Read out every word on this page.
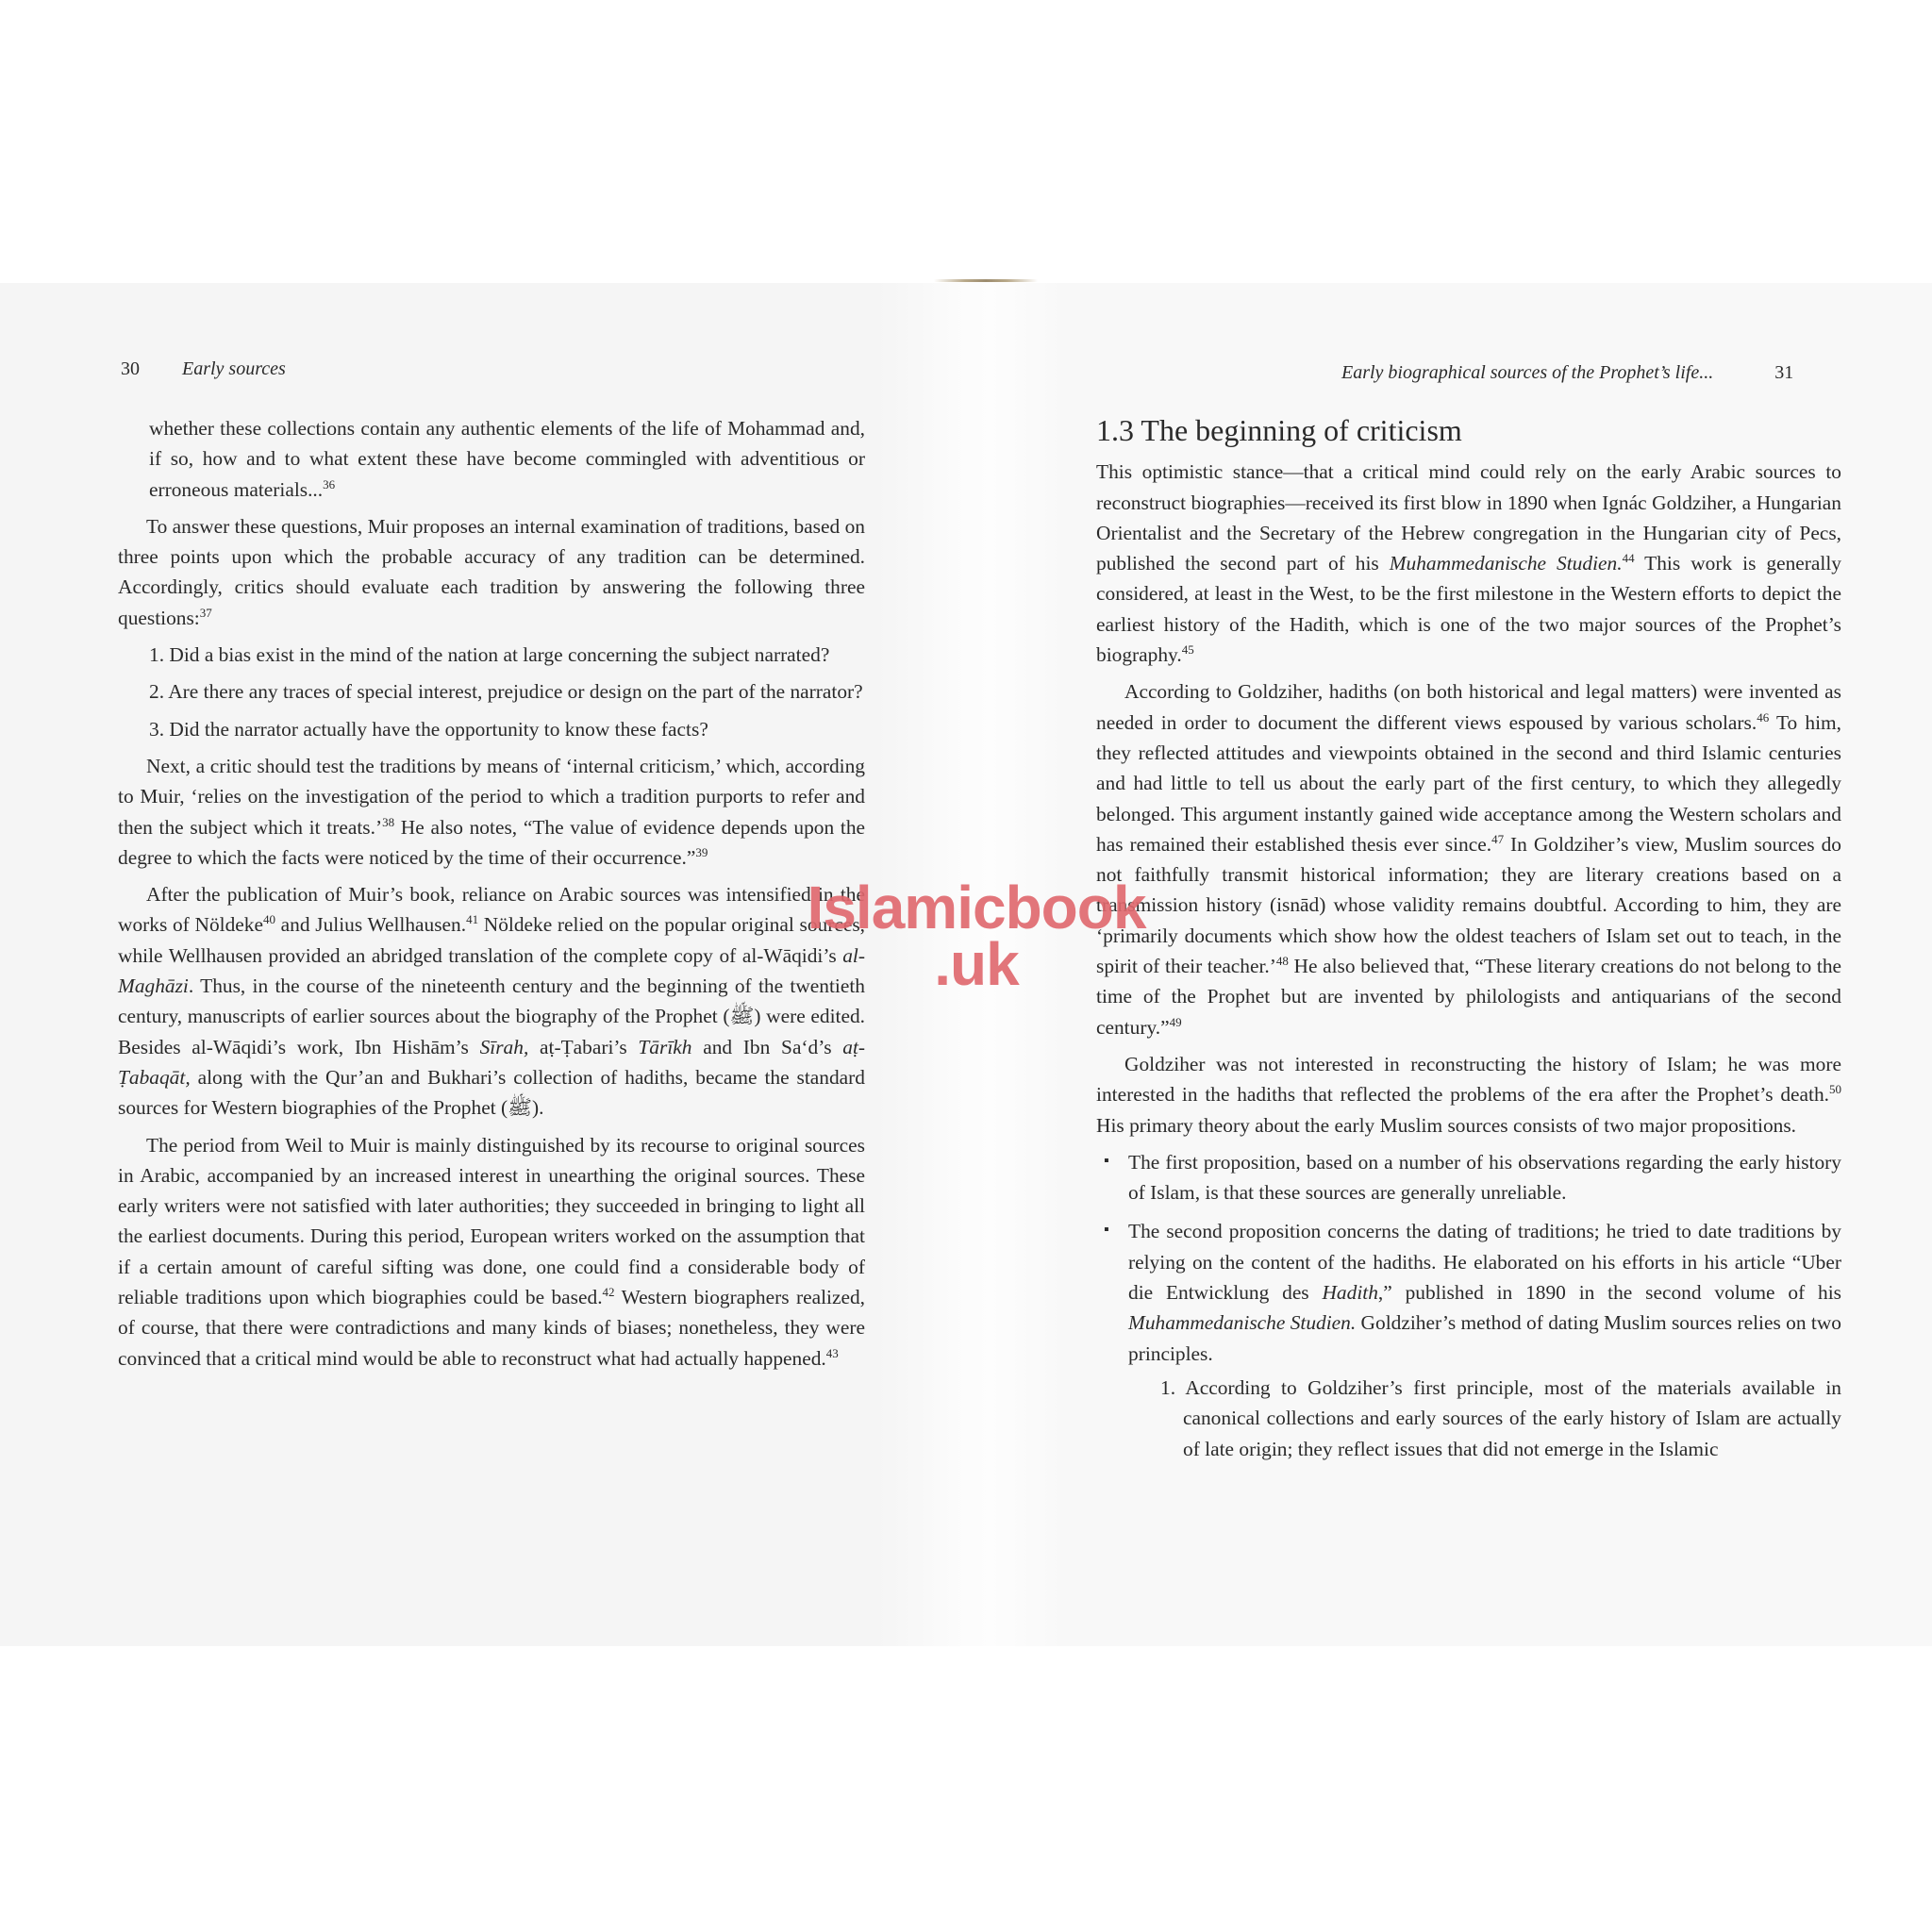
30 Early sources
whether these collections contain any authentic elements of the life of Mohammad and, if so, how and to what extent these have become commingled with adventitious or erroneous materials...$^{36}$

To answer these questions, Muir proposes an internal examination of traditions, based on three points upon which the probable accuracy of any tradition can be determined. Accordingly, critics should evaluate each tradition by answering the following three questions:$^{37}$

1. Did a bias exist in the mind of the nation at large concerning the subject narrated?
2. Are there any traces of special interest, prejudice or design on the part of the narrator?
3. Did the narrator actually have the opportunity to know these facts?

Next, a critic should test the traditions by means of ‘internal criticism,’ which, according to Muir, ‘relies on the investigation of the period to which a tradition purports to refer and then the subject which it treats.’$^{38}$ He also notes, “The value of evidence depends upon the degree to which the facts were noticed by the time of their occurrence.”$^{39}$

After the publication of Muir’s book, reliance on Arabic sources was intensified in the works of Nöldeke$^{40}$ and Julius Wellhausen.$^{41}$ Nöldeke relied on the popular original sources, while Wellhausen provided an abridged translation of the complete copy of al-Wāqidi’s al-Maghāzi. Thus, in the course of the nineteenth century and the beginning of the twentieth century, manuscripts of earlier sources about the biography of the Prophet (ﷺ) were edited. Besides al-Wāqidi’s work, Ibn Hishām’s Sīrah, aṭ-Ṭabari’s Tārīkh and Ibn Sa‘d’s aṭ-Ṭabaqāt, along with the Qur’an and Bukhari’s collection of hadiths, became the standard sources for Western biographies of the Prophet (ﷺ).

The period from Weil to Muir is mainly distinguished by its recourse to original sources in Arabic, accompanied by an increased interest in unearthing the original sources. These early writers were not satisfied with later authorities; they succeeded in bringing to light all the earliest documents. During this period, European writers worked on the assumption that if a certain amount of careful sifting was done, one could find a considerable body of reliable traditions upon which biographies could be based.$^{42}$ Western biographers realized, of course, that there were contradictions and many kinds of biases; nonetheless, they were convinced that a critical mind would be able to reconstruct what had actually happened.$^{43}$

Early biographical sources of the Prophet’s life...	31
1.3 The beginning of criticism

This optimistic stance—that a critical mind could rely on the early Arabic sources to reconstruct biographies—received its first blow in 1890 when Ignác Goldziher, a Hungarian Orientalist and the Secretary of the Hebrew congregation in the Hungarian city of Pecs, published the second part of his Muhammedanische Studien.$^{44}$ This work is generally considered, at least in the West, to be the first milestone in the Western efforts to depict the earliest history of the Hadith, which is one of the two major sources of the Prophet’s biography.$^{45}$

According to Goldziher, hadiths (on both historical and legal matters) were invented as needed in order to document the different views espoused by various scholars.$^{46}$ To him, they reflected attitudes and viewpoints obtained in the second and third Islamic centuries and had little to tell us about the early part of the first century, to which they allegedly belonged. This argument instantly gained wide acceptance among the Western scholars and has remained their established thesis ever since.$^{47}$ In Goldziher’s view, Muslim sources do not faithfully transmit historical information; they are literary creations based on a transmission history (isnād) whose validity remains doubtful. According to him, they are ‘primarily documents which show how the oldest teachers of Islam set out to teach, in the spirit of their teacher.’$^{48}$ He also believed that, “These literary creations do not belong to the time of the Prophet but are invented by philologists and antiquarians of the second century.”$^{49}$

Goldziher was not interested in reconstructing the history of Islam; he was more interested in the hadiths that reflected the problems of the era after the Prophet’s death.$^{50}$ His primary theory about the early Muslim sources consists of two major propositions.

▪ The first proposition, based on a number of his observations regarding the early history of Islam, is that these sources are generally unreliable.
▪ The second proposition concerns the dating of traditions; he tried to date traditions by relying on the content of the hadiths. He elaborated on his efforts in his article “Uber die Entwicklung des Hadith,” published in 1890 in the second volume of his Muhammedanische Studien. Goldziher’s method of dating Muslim sources relies on two principles.
1. According to Goldziher’s first principle, most of the materials available in canonical collections and early sources of the early history of Islam are actually of late origin; they reflect issues that did not emerge in the Islamic
Islamicbook
.uk
